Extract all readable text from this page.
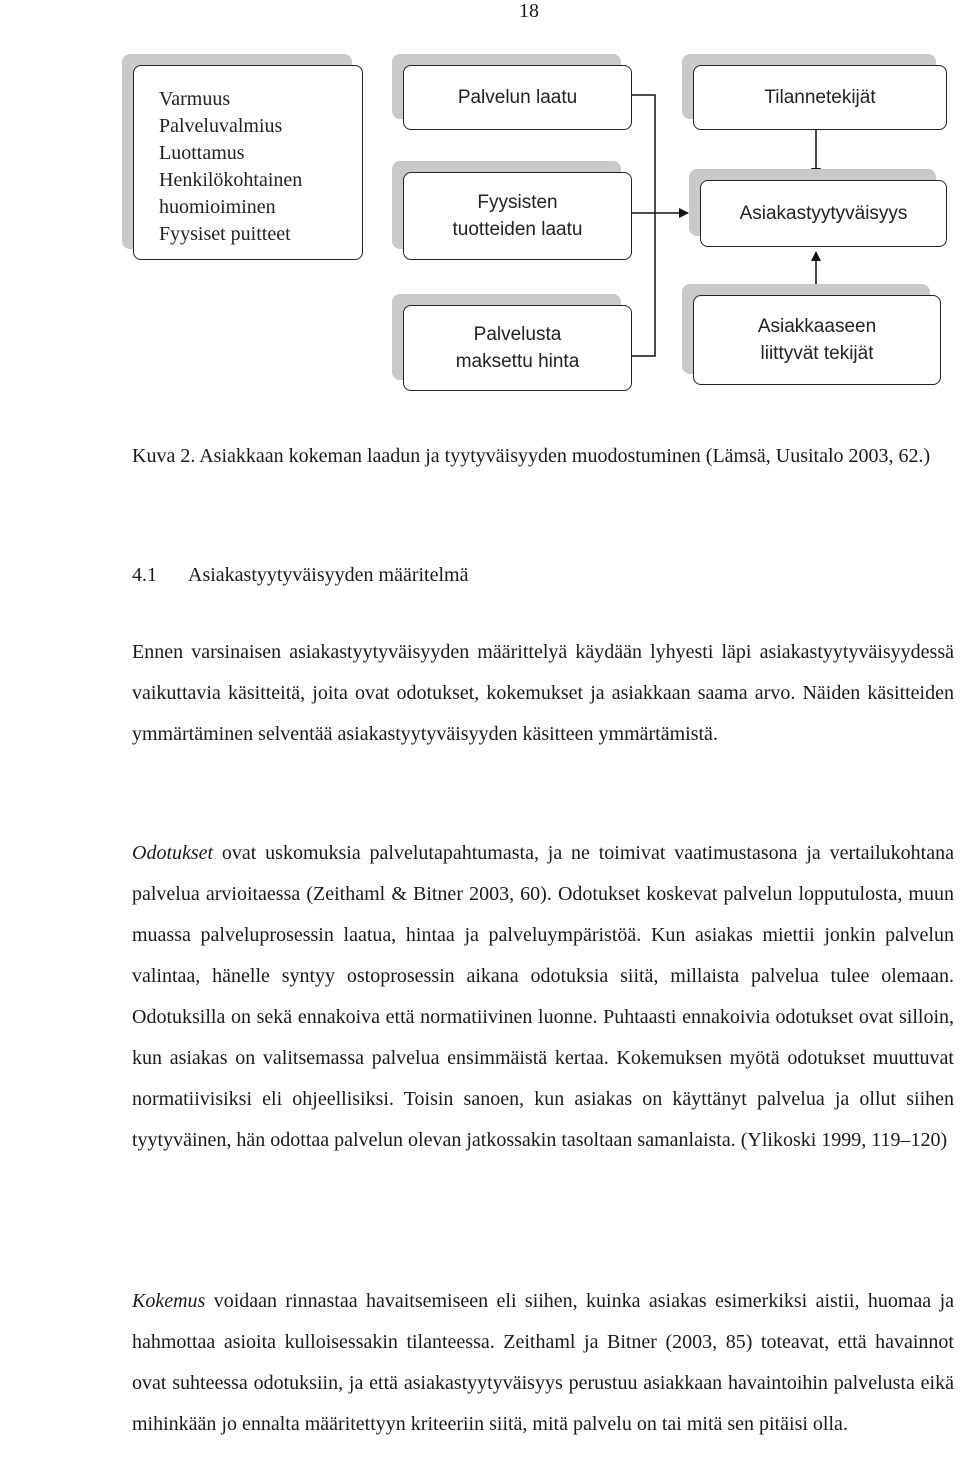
18
Varmuus
Palveluvalmius
Luottamus
Henkilökohtainen
huomioiminen
Fyysiset puitteet
Palvelun laatu
Fyysisten
tuotteiden laatu
Palvelusta
maksettu hinta
Tilannetekijät
Asiakastyytyväisyys
Asiakkaaseen
liittyvät tekijät
Kuva 2. Asiakkaan kokeman laadun ja tyytyväisyyden muodostuminen (Lämsä, Uusitalo 2003, 62.)
4.1 Asiakastyytyväisyyden määritelmä

Ennen varsinaisen asiakastyytyväisyyden määrittelyä käydään lyhyesti läpi asiakastyytyväisyydessä vaikuttavia käsitteitä, joita ovat odotukset, kokemukset ja asiakkaan saama arvo. Näiden käsitteiden ymmärtäminen selventää asiakastyytyväisyyden käsitteen ymmärtämistä.

Odotukset ovat uskomuksia palvelutapahtumasta, ja ne toimivat vaatimustasona ja vertailukohtana palvelua arvioitaessa (Zeithaml & Bitner 2003, 60). Odotukset koskevat palvelun lopputulosta, muun muassa palveluprosessin laatua, hintaa ja palveluympäristöä. Kun asiakas miettii jonkin palvelun valintaa, hänelle syntyy ostoprosessin aikana odotuksia siitä, millaista palvelua tulee olemaan. Odotuksilla on sekä ennakoiva että normatiivinen luonne. Puhtaasti ennakoivia odotukset ovat silloin, kun asiakas on valitsemassa palvelua ensimmäistä kertaa. Kokemuksen myötä odotukset muuttuvat normatiivisiksi eli ohjeellisiksi. Toisin sanoen, kun asiakas on käyttänyt palvelua ja ollut siihen tyytyväinen, hän odottaa palvelun olevan jatkossakin tasoltaan samanlaista. (Ylikoski 1999, 119–120)

Kokemus voidaan rinnastaa havaitsemiseen eli siihen, kuinka asiakas esimerkiksi aistii, huomaa ja hahmottaa asioita kulloisessakin tilanteessa. Zeithaml ja Bitner (2003, 85) toteavat, että havainnot ovat suhteessa odotuksiin, ja että asiakastyytyväisyys perustuu asiakkaan havaintoihin palvelusta eikä mihinkään jo ennalta määritettyyn kriteeriin siitä, mitä palvelu on tai mitä sen pitäisi olla.
